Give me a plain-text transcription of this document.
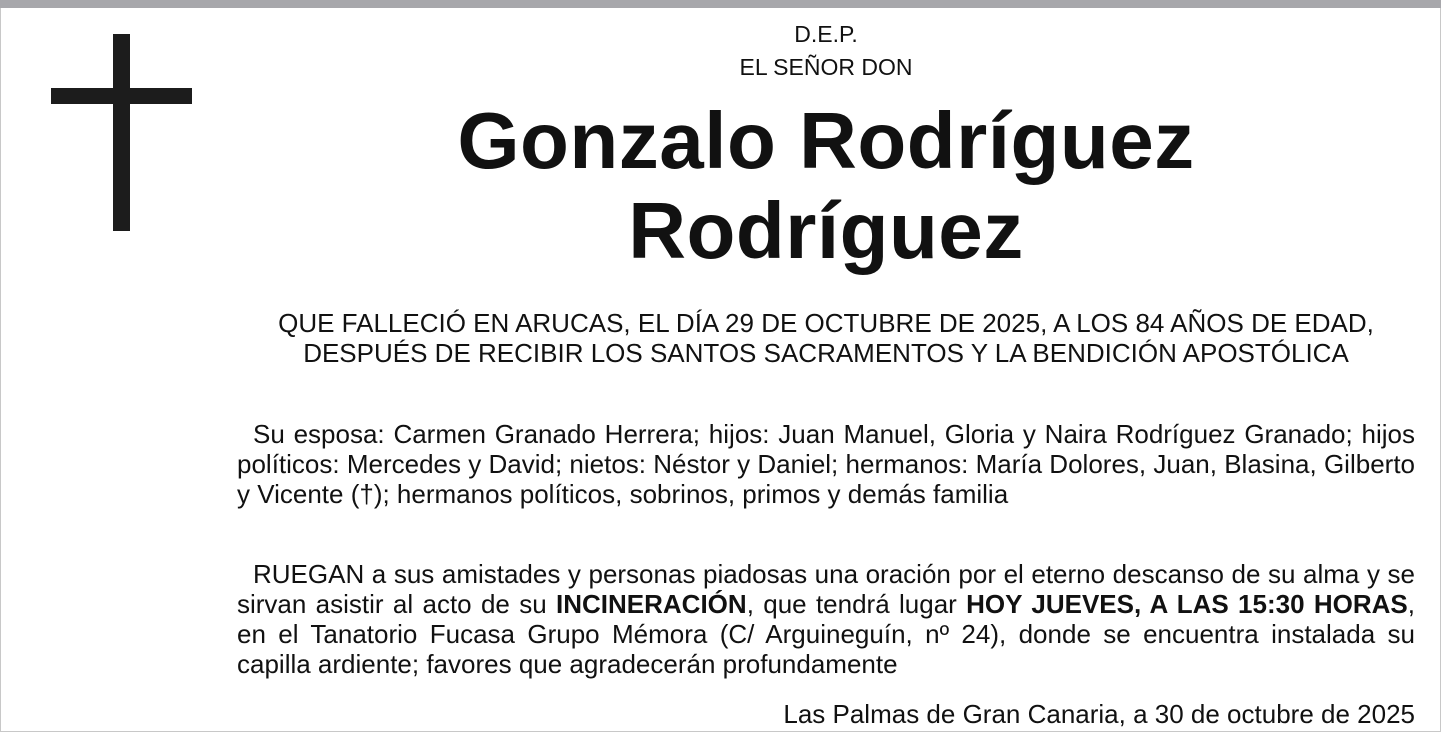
D.E.P.
EL SEÑOR DON
Gonzalo Rodríguez
Rodríguez
QUE FALLECIÓ EN ARUCAS, EL DÍA 29 DE OCTUBRE DE 2025, A LOS 84 AÑOS DE EDAD, DESPUÉS DE RECIBIR LOS SANTOS SACRAMENTOS Y LA BENDICIÓN APOSTÓLICA
Su esposa: Carmen Granado Herrera; hijos: Juan Manuel, Gloria y Naira Rodríguez Granado; hijos políticos: Mercedes y David; nietos: Néstor y Daniel; hermanos: María Dolores, Juan, Blasina, Gilberto y Vicente (†); hermanos políticos, sobrinos, primos y demás familia
RUEGAN a sus amistades y personas piadosas una oración por el eterno descanso de su alma y se sirvan asistir al acto de su INCINERACIÓN, que tendrá lugar HOY JUEVES, A LAS 15:30 HORAS, en el Tanatorio Fucasa Grupo Mémora (C/ Arguineguín, nº 24), donde se encuentra instalada su capilla ardiente; favores que agradecerán profundamente
Las Palmas de Gran Canaria, a 30 de octubre de 2025
